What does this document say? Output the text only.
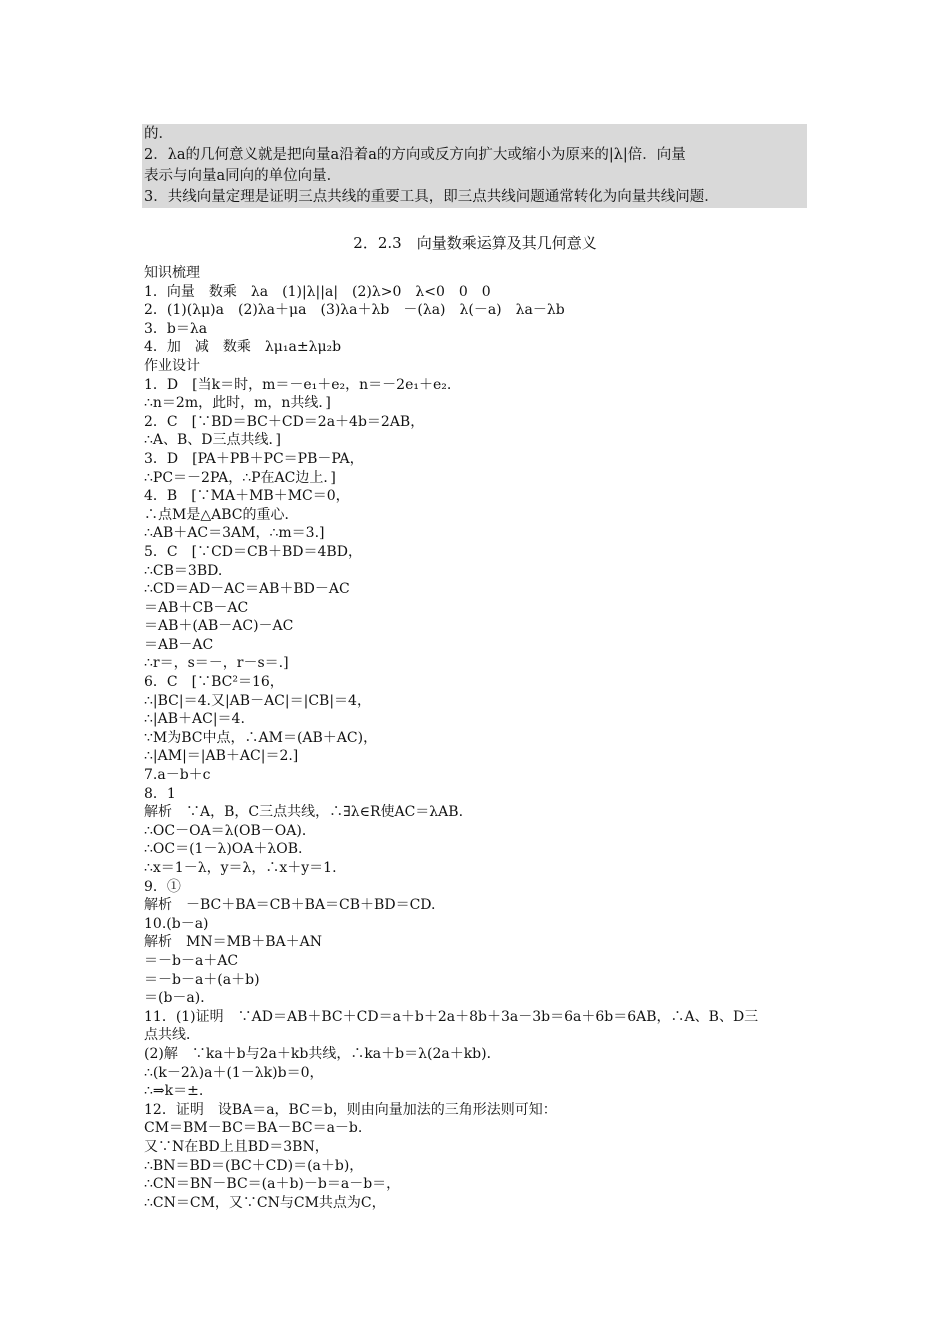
的．
2．λa的几何意义就是把向量a沿着a的方向或反方向扩大或缩小为原来的|λ|倍．向量
表示与向量a同向的单位向量．
3．共线向量定理是证明三点共线的重要工具，即三点共线问题通常转化为向量共线问题．
2．2.3　向量数乘运算及其几何意义
知识梳理
1．向量　数乘　λa　(1)|λ||a|　(2)λ>0　λ<0　0　0
2．(1)(λμ)a　(2)λa＋μa　(3)λa＋λb　－(λa)　λ(－a)　λa－λb
3．b＝λa
4．加　减　数乘　λμ₁a±λμ₂b
作业设计
1．D　[当k＝时，m＝－e₁＋e₂，n＝－2e₁＋e₂.
∴n＝2m，此时，m，n共线．]
2．C　[∵BD＝BC＋CD＝2a＋4b＝2AB，
∴A、B、D三点共线．]
3．D　[PA＋PB＋PC＝PB－PA，
∴PC＝－2PA，∴P在AC边上．]
4．B　[∵MA＋MB＋MC＝0，
∴点M是△ABC的重心．
∴AB＋AC＝3AM，∴m＝3.]
5．C　[∵CD＝CB＋BD＝4BD，
∴CB＝3BD.
∴CD＝AD－AC＝AB＋BD－AC
＝AB＋CB－AC
＝AB＋(AB－AC)－AC
＝AB－AC
∴r＝，s＝－，r－s＝.]
6．C　[∵BC²＝16，
∴|BC|＝4.又|AB－AC|＝|CB|＝4，
∴|AB＋AC|＝4.
∵M为BC中点，∴AM＝(AB＋AC)，
∴|AM|＝|AB＋AC|＝2.]
7.a－b＋c
8．1
解析　∵A，B，C三点共线，∴∃λ∈R使AC＝λAB.
∴OC－OA＝λ(OB－OA)．
∴OC＝(1－λ)OA＋λOB.
∴x＝1－λ，y＝λ，∴x＋y＝1.
9．①
解析　－BC＋BA＝CB＋BA＝CB＋BD＝CD.
10.(b－a)
解析　MN＝MB＋BA＋AN
＝－b－a＋AC
＝－b－a＋(a＋b)
＝(b－a)．
11．(1)证明　∵AD＝AB＋BC＋CD＝a＋b＋2a＋8b＋3a－3b＝6a＋6b＝6AB，∴A、B、D三
点共线．
(2)解　∵ka＋b与2a＋kb共线，∴ka＋b＝λ(2a＋kb)．
∴(k－2λ)a＋(1－λk)b＝0，
∴⇒k＝±.
12．证明　设BA＝a，BC＝b，则由向量加法的三角形法则可知：
CM＝BM－BC＝BA－BC＝a－b.
又∵N在BD上且BD＝3BN，
∴BN＝BD＝(BC＋CD)＝(a＋b)，
∴CN＝BN－BC＝(a＋b)－b＝a－b＝，
∴CN＝CM，又∵CN与CM共点为C，
